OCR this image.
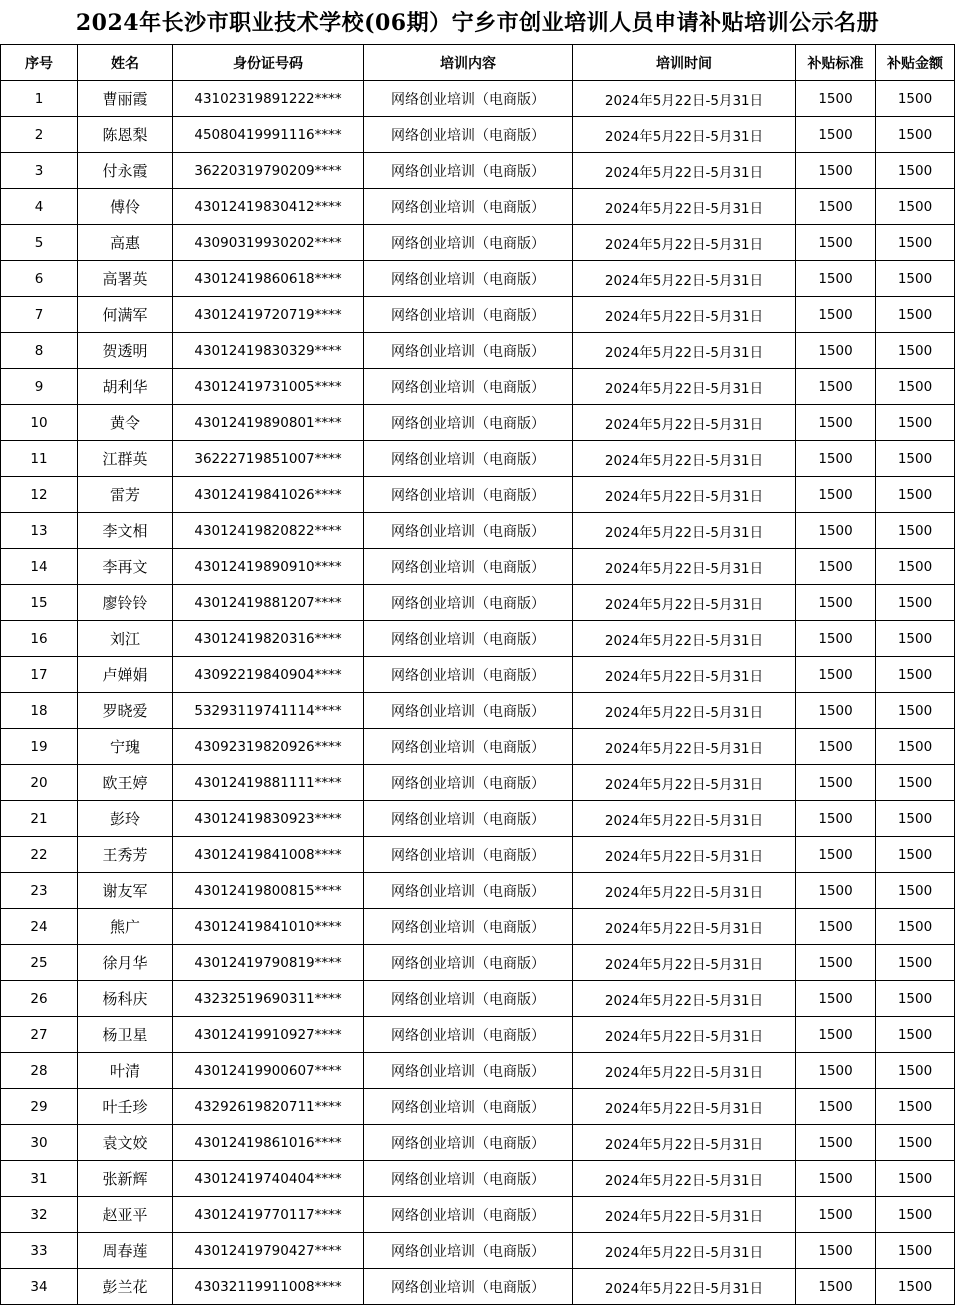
2024年长沙市职业技术学校(06期）宁乡市创业培训人员申请补贴培训公示名册
序号	姓名	身份证号码	培训内容	培训时间	补贴标准	补贴金额
1	曹丽霞	43102319891222****	网络创业培训（电商版）	2024年5月22日-5月31日	1500	1500
2	陈恩梨	45080419991116****	网络创业培训（电商版）	2024年5月22日-5月31日	1500	1500
3	付永霞	36220319790209****	网络创业培训（电商版）	2024年5月22日-5月31日	1500	1500
4	傅伶	43012419830412****	网络创业培训（电商版）	2024年5月22日-5月31日	1500	1500
5	高惠	43090319930202****	网络创业培训（电商版）	2024年5月22日-5月31日	1500	1500
6	高署英	43012419860618****	网络创业培训（电商版）	2024年5月22日-5月31日	1500	1500
7	何满军	43012419720719****	网络创业培训（电商版）	2024年5月22日-5月31日	1500	1500
8	贺透明	43012419830329****	网络创业培训（电商版）	2024年5月22日-5月31日	1500	1500
9	胡利华	43012419731005****	网络创业培训（电商版）	2024年5月22日-5月31日	1500	1500
10	黄令	43012419890801****	网络创业培训（电商版）	2024年5月22日-5月31日	1500	1500
11	江群英	36222719851007****	网络创业培训（电商版）	2024年5月22日-5月31日	1500	1500
12	雷芳	43012419841026****	网络创业培训（电商版）	2024年5月22日-5月31日	1500	1500
13	李文相	43012419820822****	网络创业培训（电商版）	2024年5月22日-5月31日	1500	1500
14	李再文	43012419890910****	网络创业培训（电商版）	2024年5月22日-5月31日	1500	1500
15	廖铃铃	43012419881207****	网络创业培训（电商版）	2024年5月22日-5月31日	1500	1500
16	刘江	43012419820316****	网络创业培训（电商版）	2024年5月22日-5月31日	1500	1500
17	卢婵娟	43092219840904****	网络创业培训（电商版）	2024年5月22日-5月31日	1500	1500
18	罗晓爱	53293119741114****	网络创业培训（电商版）	2024年5月22日-5月31日	1500	1500
19	宁瑰	43092319820926****	网络创业培训（电商版）	2024年5月22日-5月31日	1500	1500
20	欧王婷	43012419881111****	网络创业培训（电商版）	2024年5月22日-5月31日	1500	1500
21	彭玲	43012419830923****	网络创业培训（电商版）	2024年5月22日-5月31日	1500	1500
22	王秀芳	43012419841008****	网络创业培训（电商版）	2024年5月22日-5月31日	1500	1500
23	谢友军	43012419800815****	网络创业培训（电商版）	2024年5月22日-5月31日	1500	1500
24	熊广	43012419841010****	网络创业培训（电商版）	2024年5月22日-5月31日	1500	1500
25	徐月华	43012419790819****	网络创业培训（电商版）	2024年5月22日-5月31日	1500	1500
26	杨科庆	43232519690311****	网络创业培训（电商版）	2024年5月22日-5月31日	1500	1500
27	杨卫星	43012419910927****	网络创业培训（电商版）	2024年5月22日-5月31日	1500	1500
28	叶清	43012419900607****	网络创业培训（电商版）	2024年5月22日-5月31日	1500	1500
29	叶壬珍	43292619820711****	网络创业培训（电商版）	2024年5月22日-5月31日	1500	1500
30	袁文姣	43012419861016****	网络创业培训（电商版）	2024年5月22日-5月31日	1500	1500
31	张新辉	43012419740404****	网络创业培训（电商版）	2024年5月22日-5月31日	1500	1500
32	赵亚平	43012419770117****	网络创业培训（电商版）	2024年5月22日-5月31日	1500	1500
33	周春莲	43012419790427****	网络创业培训（电商版）	2024年5月22日-5月31日	1500	1500
34	彭兰花	43032119911008****	网络创业培训（电商版）	2024年5月22日-5月31日	1500	1500
